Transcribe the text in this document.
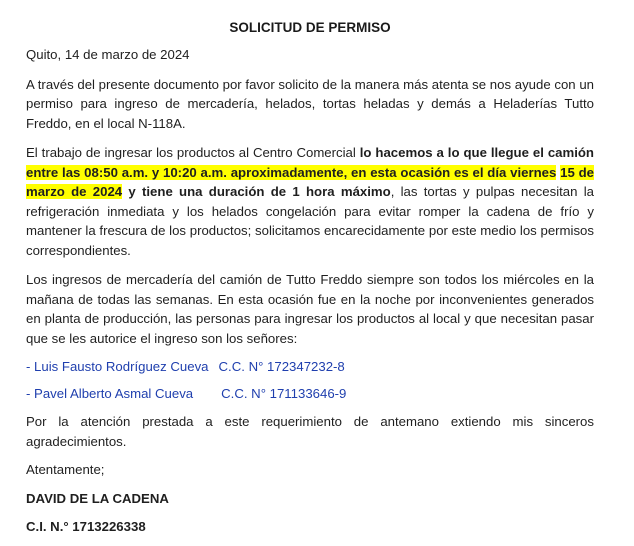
SOLICITUD DE PERMISO

Quito, 14 de marzo de 2024

A través del presente documento por favor solicito de la manera más atenta se nos ayude con un permiso para ingreso de mercadería, helados, tortas heladas y demás a Heladerías Tutto Freddo, en el local N-118A.

El trabajo de ingresar los productos al Centro Comercial lo hacemos a lo que llegue el camión entre las 08:50 a.m. y 10:20 a.m. aproximadamente, en esta ocasión es el día viernes 15 de marzo de 2024 y tiene una duración de 1 hora máximo, las tortas y pulpas necesitan la refrigeración inmediata y los helados congelación para evitar romper la cadena de frío y mantener la frescura de los productos; solicitamos encarecidamente por este medio los permisos correspondientes.

Los ingresos de mercadería del camión de Tutto Freddo siempre son todos los miércoles en la mañana de todas las semanas. En esta ocasión fue en la noche por inconvenientes generados en planta de producción, las personas para ingresar los productos al local y que necesitan pasar que se les autorice el ingreso son los señores:

- Luis Fausto Rodríguez Cueva C.C. N° 172347232-8
- Pavel Alberto Asmal Cueva C.C. N° 171133646-9

Por la atención prestada a este requerimiento de antemano extiendo mis sinceros agradecimientos.

Atentamente;

DAVID DE LA CADENA

C.I. N.° 1713226338
